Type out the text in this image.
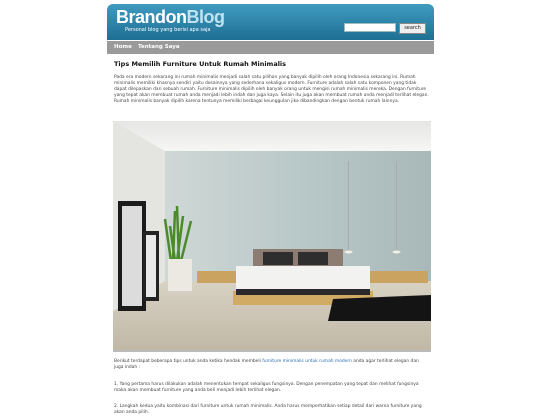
BrandonBlog
Personal blog yang berisi apa saja	search
Home Tentang Saya
Tips Memilih Furniture Untuk Rumah Minimalis

Pada era modern sekarang ini rumah minimalis menjadi salah satu pilihan yang banyak dipilih oleh orang Indonesia sekarang ini. Rumah minimalis memiliki khasnya sendiri yaitu desainnya yang sederhana sekaligus modern. Furniture adalah salah satu komponen yang tidak dapat dilepaskan dari sebuah rumah. Furniture minimalis dipilih oleh banyak orang untuk mengisi rumah minimalis mereka. Dengan furniture yang tepat akan membuat rumah anda menjadi lebih indah dan juga kaya. Selain itu juga akan membuat rumah anda menjadi terlihat elegan. Rumah minimalis banyak dipilih karena tentunya memiliki berbagai keunggulan jika dibandingkan dengan bentuk rumah lainnya.

Berikut terdapat beberapa tips untuk anda ketika hendak membeli furniture minimalis untuk rumah modern anda agar terlihat elegan dan juga indah :

1. Yang pertama harus dilakukan adalah menentukan tempat sekaligus fungsinya. Dengan penempatan yang tepat dan melihat fungsinya maka akan membuat furniture yang anda beli menjadi lebih terlihat elegan.

2. Langkah kedua yaitu kombinasi dari furniture untuk rumah minimalis. Anda harus memperhatikan setiap detail dari warna furniture yang akan anda pilih.
